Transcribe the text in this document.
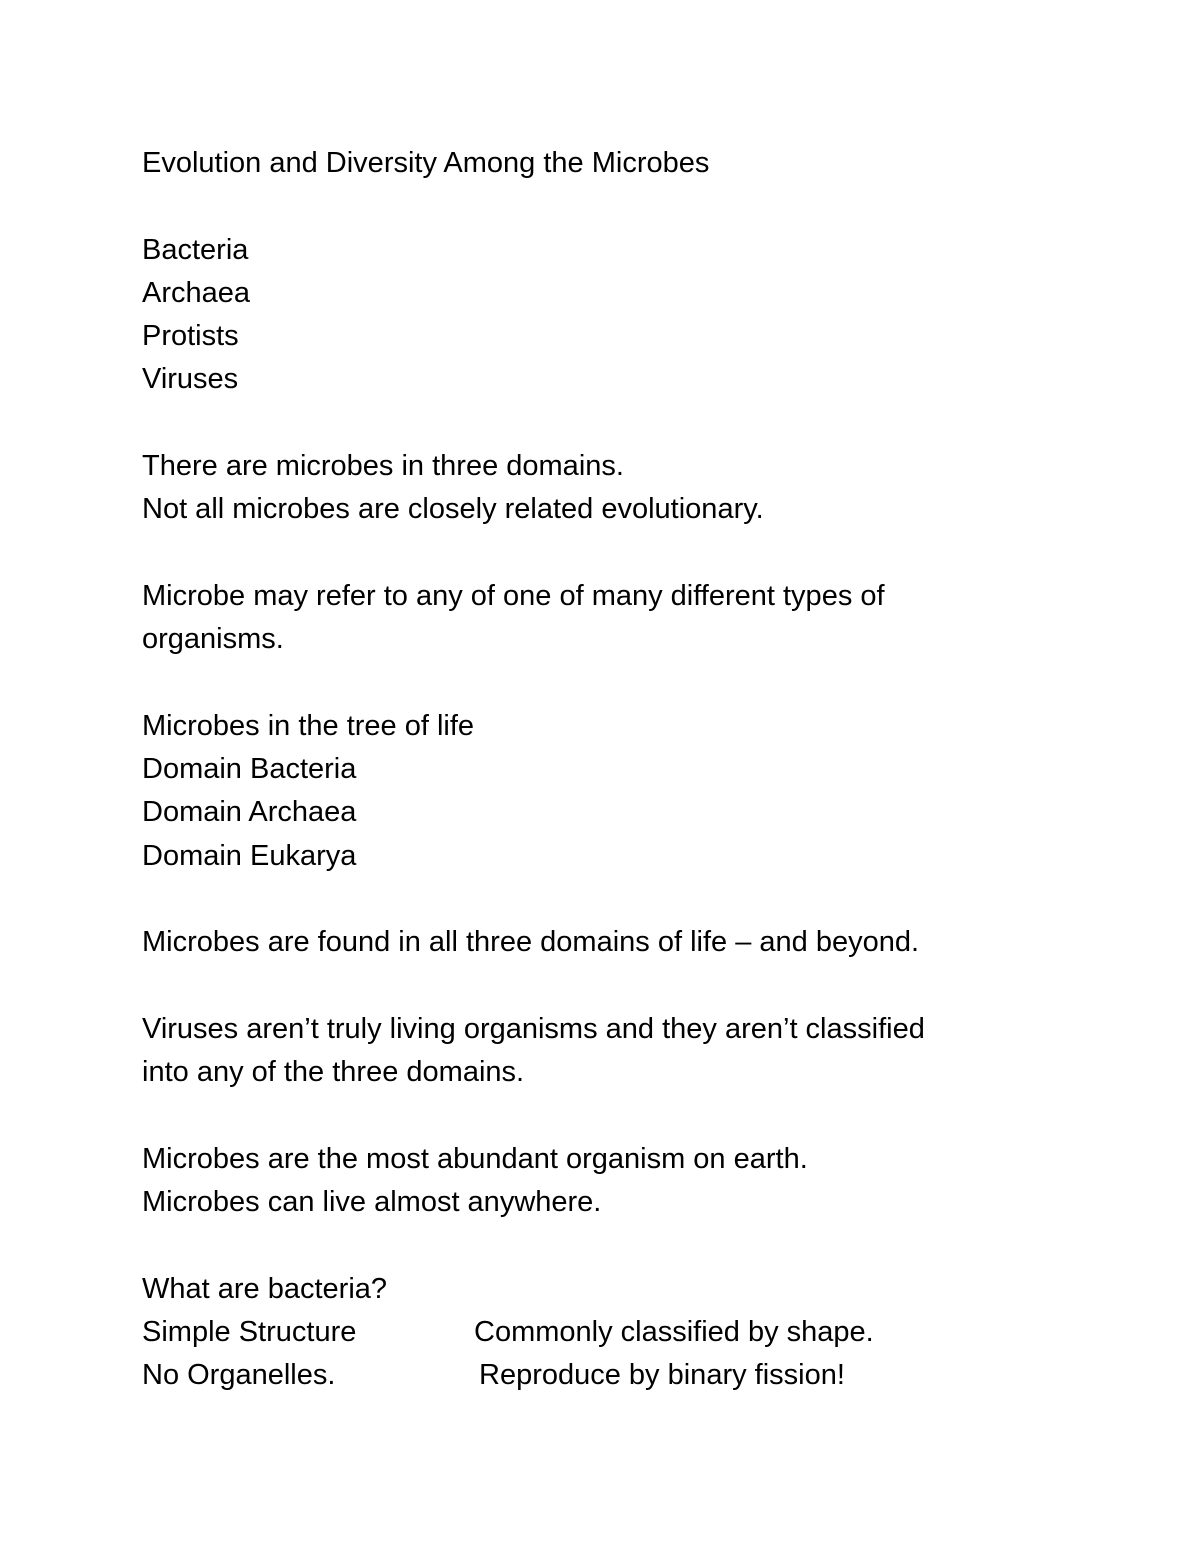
Evolution and Diversity Among the Microbes

Bacteria

Archaea

Protists

Viruses

There are microbes in three domains.

Not all microbes are closely related evolutionary.

Microbe may refer to any of one of many different types of

organisms.

Microbes in the tree of life

Domain Bacteria

Domain Archaea

Domain Eukarya

Microbes are found in all three domains of life – and beyond.

Viruses aren’t truly living organisms and they aren’t classified

into any of the three domains.

Microbes are the most abundant organism on earth.

Microbes can live almost anywhere.

What are bacteria?

Simple Structure	Commonly classified by shape.
No Organelles.	Reproduce by binary fission!
